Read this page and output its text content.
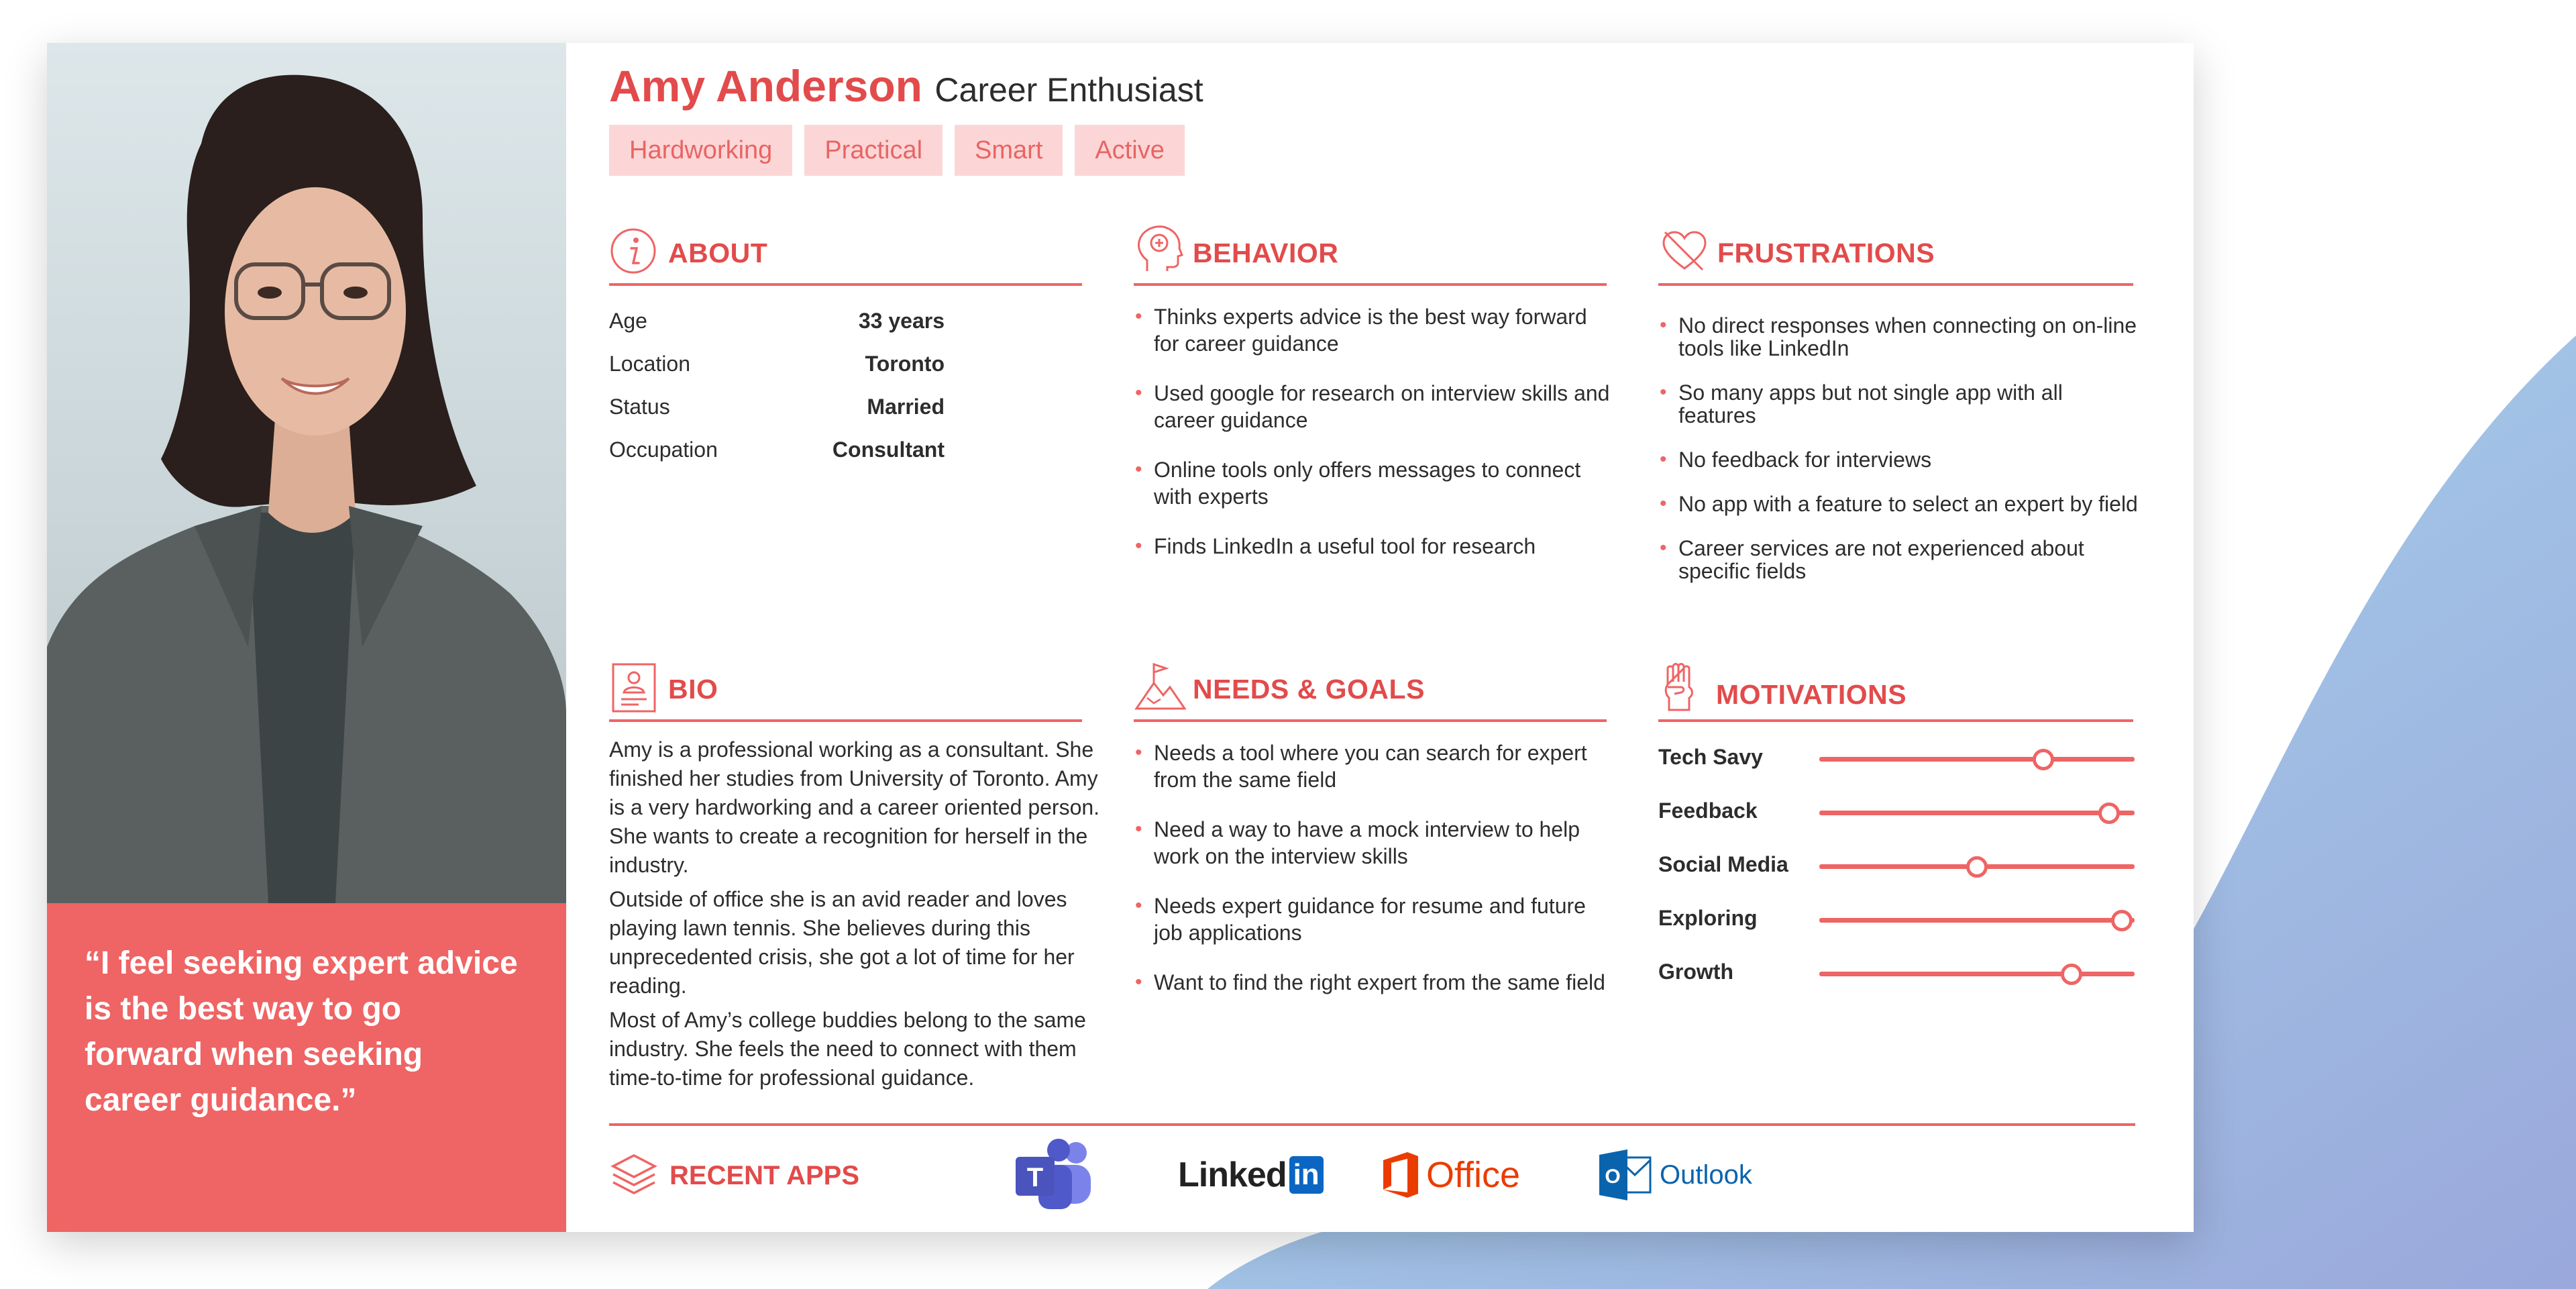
“I feel seeking expert advice is the best way to go forward when seeking career guidance.”
Amy Anderson Career Enthusiast
Hardworking	Practical	Smart	Active
ABOUT
Age	33 years
Location	Toronto
Status	Married
Occupation	Consultant
BEHAVIOR
• Thinks experts advice is the best way forward for career guidance
• Used google for research on interview skills and career guidance
• Online tools only offers messages to connect with experts
• Finds LinkedIn a useful tool for research
FRUSTRATIONS
• No direct responses when connecting on on-line tools like LinkedIn
• So many apps but not single app with all features
• No feedback for interviews
• No app with a feature to select an expert by field
• Career services are not experienced about specific fields
BIO

Amy is a professional working as a consultant. She finished her studies from University of Toronto. Amy is a very hardworking and a career oriented person. She wants to create a recognition for herself in the industry.

Outside of office she is an avid reader and loves playing lawn tennis. She believes during this unprecedented crisis, she got a lot of time for her reading.

Most of Amy’s college buddies belong to the same industry. She feels the need to connect with them time-to-time for professional guidance.

NEEDS & GOALS
• Needs a tool where you can search for expert from the same field
• Need a way to have a mock interview to help work on the interview skills
• Needs expert guidance for resume and future job applications
• Want to find the right expert from the same field
MOTIVATIONS
Tech Savy
Feedback
Social Media
Exploring
Growth
RECENT APPS	T	Linked in	Office	O Outlook
